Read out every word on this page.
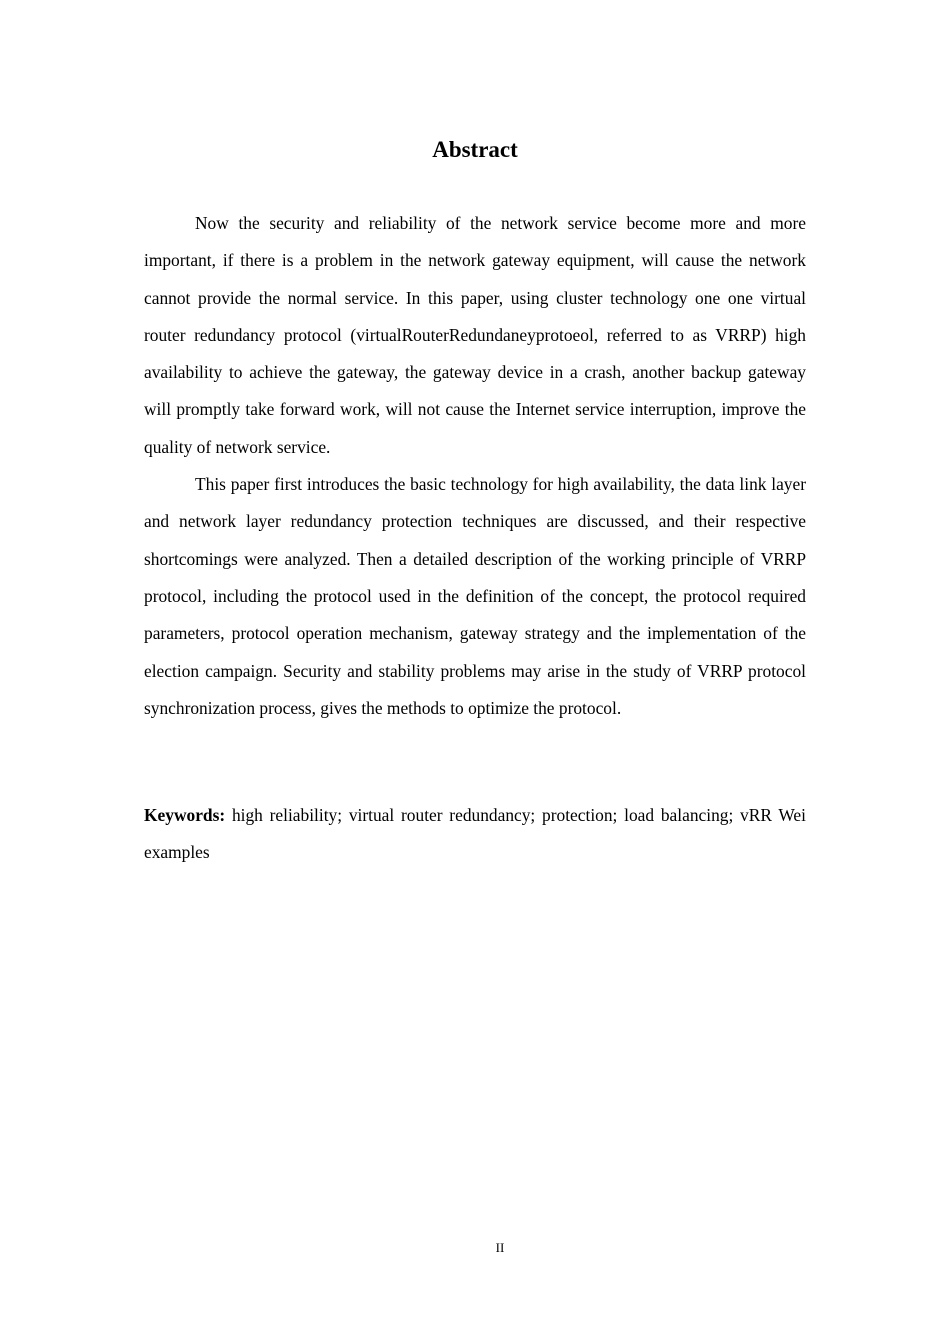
Abstract

Now the security and reliability of the network service become more and more important, if there is a problem in the network gateway equipment, will cause the network cannot provide the normal service. In this paper, using cluster technology one one virtual router redundancy protocol (virtualRouterRedundaneyprotoeol, referred to as VRRP) high availability to achieve the gateway, the gateway device in a crash, another backup gateway will promptly take forward work, will not cause the Internet service interruption, improve the quality of network service.

This paper first introduces the basic technology for high availability, the data link layer and network layer redundancy protection techniques are discussed, and their respective shortcomings were analyzed. Then a detailed description of the working principle of VRRP protocol, including the protocol used in the definition of the concept, the protocol required parameters, protocol operation mechanism, gateway strategy and the implementation of the election campaign. Security and stability problems may arise in the study of VRRP protocol synchronization process, gives the methods to optimize the protocol.

Keywords: high reliability; virtual router redundancy; protection; load balancing; vRR Wei examples

II
